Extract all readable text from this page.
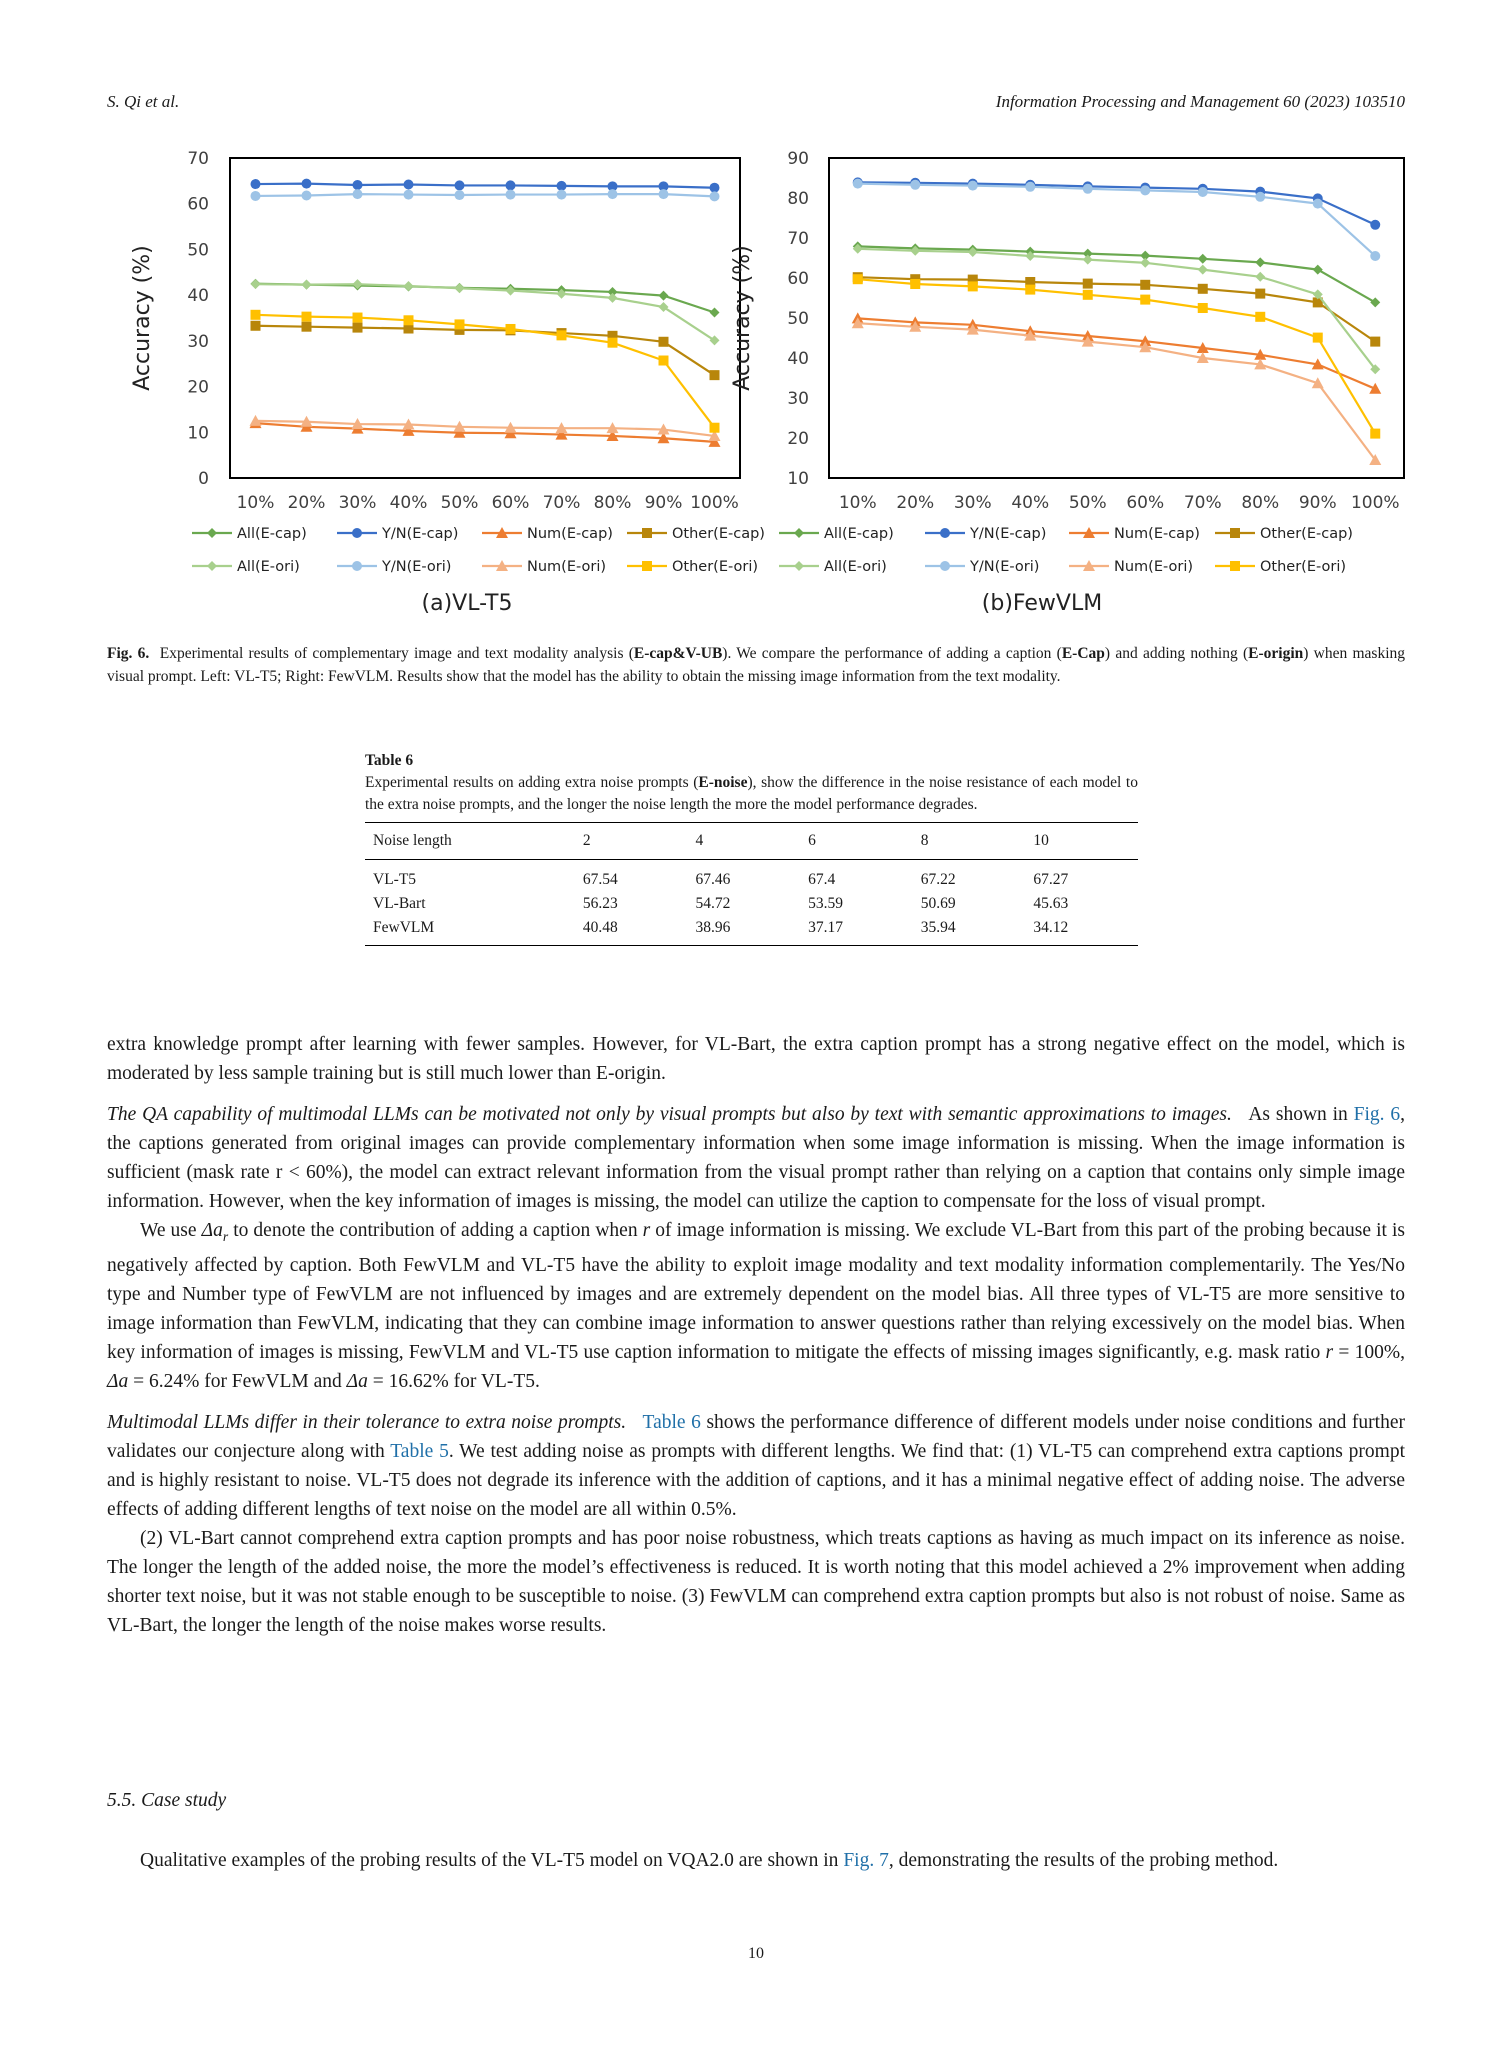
S. Qi et al.	Information Processing and Management 60 (2023) 103510
0
10
20
30
40
50
60
70
10% 20% 30% 40% 50% 60% 70% 80% 90% 100%
Accuracy (%)
All(E-cap)	Y/N(E-cap)	Num(E-cap)	Other(E-cap)
All(E-ori)	Y/N(E-ori)	Num(E-ori)	Other(E-ori)
(a)VL-T5
10
20
30
40
50
60
70
80
90
10% 20% 30% 40% 50% 60% 70% 80% 90% 100%
Accuracy (%)
All(E-cap)	Y/N(E-cap)	Num(E-cap)	Other(E-cap)
All(E-ori)	Y/N(E-ori)	Num(E-ori)	Other(E-ori)
(b)FewVLM
Fig. 6. Experimental results of complementary image and text modality analysis (E-cap&V-UB). We compare the performance of adding a caption (E-Cap) and adding nothing (E-origin) when masking visual prompt. Left: VL-T5; Right: FewVLM. Results show that the model has the ability to obtain the missing image information from the text modality.
Table 6
Experimental results on adding extra noise prompts (E-noise), show the difference in the noise resistance of each model to the extra noise prompts, and the longer the noise length the more the model performance degrades.
Noise length	2	4	6	8	10
VL-T5	67.54	67.46	67.4	67.22	67.27
VL-Bart	56.23	54.72	53.59	50.69	45.63
FewVLM	40.48	38.96	37.17	35.94	34.12

extra knowledge prompt after learning with fewer samples. However, for VL-Bart, the extra caption prompt has a strong negative effect on the model, which is moderated by less sample training but is still much lower than E-origin.

The QA capability of multimodal LLMs can be motivated not only by visual prompts but also by text with semantic approximations to images. As shown in Fig. 6, the captions generated from original images can provide complementary information when some image information is missing. When the image information is sufficient (mask rate r < 60%), the model can extract relevant information from the visual prompt rather than relying on a caption that contains only simple image information. However, when the key information of images is missing, the model can utilize the caption to compensate for the loss of visual prompt.

We use $\Delta a_r$ to denote the contribution of adding a caption when r of image information is missing. We exclude VL-Bart from this part of the probing because it is negatively affected by caption. Both FewVLM and VL-T5 have the ability to exploit image modality and text modality information complementarily. The Yes/No type and Number type of FewVLM are not influenced by images and are extremely dependent on the model bias. All three types of VL-T5 are more sensitive to image information than FewVLM, indicating that they can combine image information to answer questions rather than relying excessively on the model bias. When key information of images is missing, FewVLM and VL-T5 use caption information to mitigate the effects of missing images significantly, e.g. mask ratio r = 100%, Δa = 6.24% for FewVLM and Δa = 16.62% for VL-T5.

Multimodal LLMs differ in their tolerance to extra noise prompts. Table 6 shows the performance difference of different models under noise conditions and further validates our conjecture along with Table 5. We test adding noise as prompts with different lengths. We find that: (1) VL-T5 can comprehend extra captions prompt and is highly resistant to noise. VL-T5 does not degrade its inference with the addition of captions, and it has a minimal negative effect of adding noise. The adverse effects of adding different lengths of text noise on the model are all within 0.5%.

(2) VL-Bart cannot comprehend extra caption prompts and has poor noise robustness, which treats captions as having as much impact on its inference as noise. The longer the length of the added noise, the more the model’s effectiveness is reduced. It is worth noting that this model achieved a 2% improvement when adding shorter text noise, but it was not stable enough to be susceptible to noise. (3) FewVLM can comprehend extra caption prompts but also is not robust of noise. Same as VL-Bart, the longer the length of the noise makes worse results.

5.5. Case study

Qualitative examples of the probing results of the VL-T5 model on VQA2.0 are shown in Fig. 7, demonstrating the results of the probing method.

10
